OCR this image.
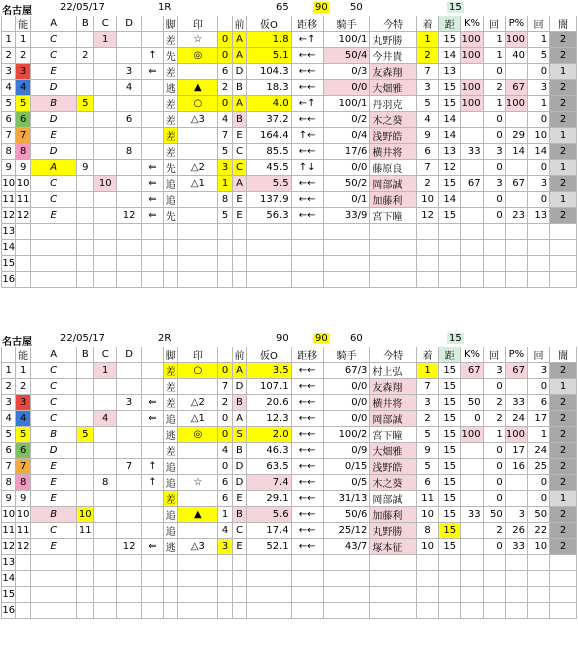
名古屋	22/05/17	1R	65	90 50	15
	能	A	B	C	D		脚	印		前	仮O	距移	騎手	今特	着	距	K%	回	P%	回	闇
1	1	C		1			差	☆	0	A	1.8	←↑	100/1	丸野勝	1	15	100	1	100	1	2
2	2	C	2			↑	先	◎	0	A	5.1	←←	50/4	今井貴	2	14	100	1	40	5	2
3	3	E			3	⇐	差		6	D	104.3	←←	0/3	友森翔	7	13		0		0	1
4	4	D			4		逃	▲	2	B	18.3	←←	0/0	大畑雅	3	15	100	2	67	3	2
5	5	B	5				差	○	0	A	4.0	←↑	100/1	丹羽克	5	15	100	1	100	1	2
6	6	D			6		差	△3	4	B	37.2	←←	0/2	木之葵	4	14		0		0	2
7	7	E					差		7	E	164.4	↑←	0/4	浅野皓	9	14		0	29	10	1
8	8	D			8		差		5	C	85.5	←←	17/6	横井将	6	13	33	3	14	14	2
9	9	A	9			⇐	先	△2	3	C	45.5	↑↓	0/0	藤原良	7	12		0		0	1
10	10	C		10		⇐	追	△1	1	A	5.5	←←	50/2	岡部誠	2	15	67	3	67	3	2
11	11	C				⇐	追		8	E	137.9	←←	0/1	加藤利	10	14		0		0	1
12	12	E			12	⇐	先		5	E	56.3	←←	33/9	宮下瞳	12	15		0	23	13	2
13																					
14																					
15																					
16																					
名古屋	22/05/17	2R	90	90 60	15
	能	A	B	C	D		脚	印		前	仮O	距移	騎手	今特	着	距	K%	回	P%	回	闇
1	1	C		1			差	○	0	A	3.5	←←	67/3	村上弘	1	15	67	3	67	3	2
2	2	C					差		7	D	107.1	←←	0/0	友森翔	7	15		0		0	1
3	3	C			3	⇐	差	△2	2	B	20.6	←←	0/0	横井将	3	15	50	2	33	6	2
4	4	C		4		⇐	追	△1	0	A	12.3	←←	0/0	岡部誠	2	15	0	2	24	17	2
5	5	B	5				逃	◎	0	S	2.0	←←	100/2	宮下瞳	5	15	100	1	100	1	2
6	6	D					差		4	B	46.3	←←	0/9	大畑雅	9	15		0	17	24	2
7	7	E			7	↑	追		0	D	63.5	←←	0/15	浅野皓	5	15		0	16	25	2
8	8	E		8		↑	追	☆	6	D	7.4	←←	0/5	木之葵	6	15		0		0	2
9	9	E					差		6	E	29.1	←←	31/13	岡部誠	11	15		0		0	1
10	10	B	10				追	▲	1	B	5.6	←←	50/6	加藤利	10	15	33	50	3	50	2
11	11	C	11				追		4	C	17.4	←←	25/12	丸野勝	8	15		2	26	22	2
12	12	E			12	⇐	逃	△3	3	E	52.1	←←	43/7	塚本征	10	15		0	33	10	2
13																					
14																					
15																					
16																					
